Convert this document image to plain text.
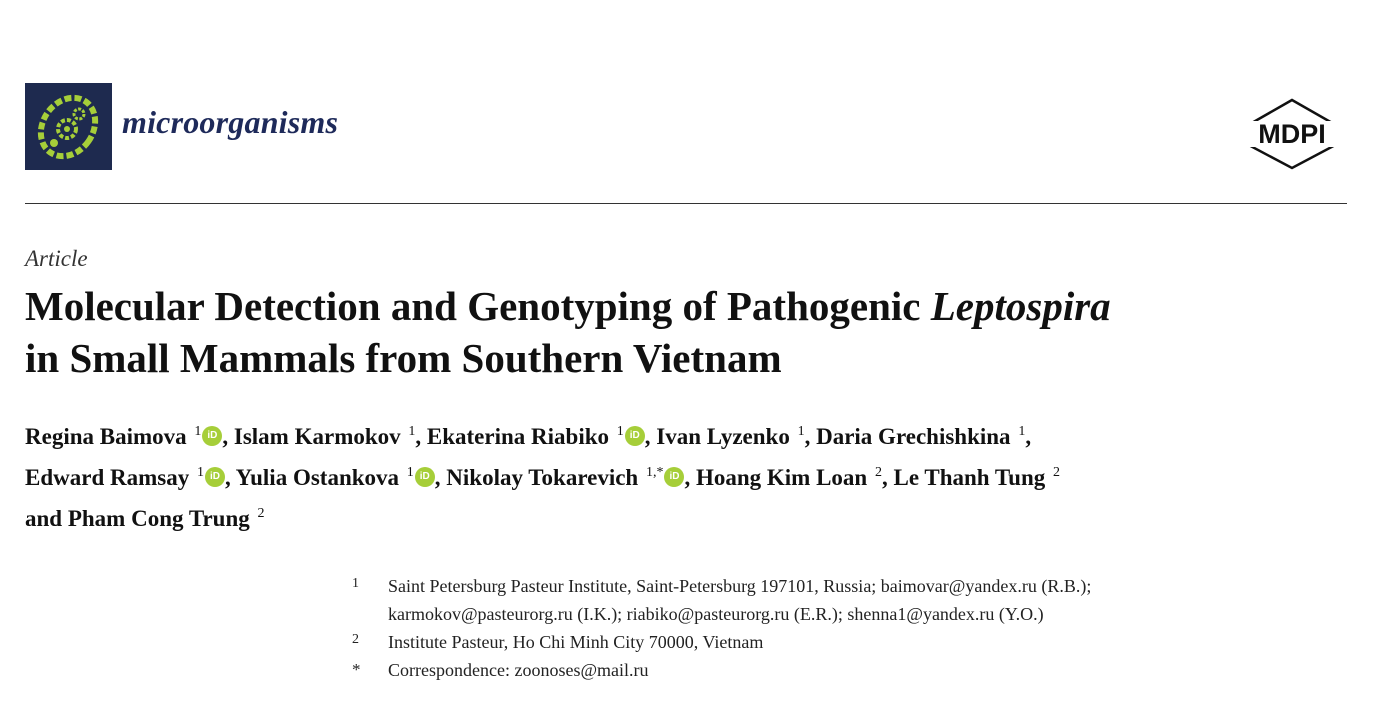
microorganisms	MDPI
Article
Molecular Detection and Genotyping of Pathogenic Leptospira
in Small Mammals from Southern Vietnam
Regina Baimova $^1$ iD , Islam Karmokov $^1$, Ekaterina Riabiko $^1$ iD , Ivan Lyzenko $^1$, Daria Grechishkina $^1$,
Edward Ramsay $^1$ iD , Yulia Ostankova $^1$ iD , Nikolay Tokarevich $^{1,*}$ iD , Hoang Kim Loan $^2$, Le Thanh Tung $^2$
and Pham Cong Trung $^2$
1 Saint Petersburg Pasteur Institute, Saint-Petersburg 197101, Russia; baimovar@yandex.ru (R.B.);
karmokov@pasteurorg.ru (I.K.); riabiko@pasteurorg.ru (E.R.); shenna1@yandex.ru (Y.O.)
2 Institute Pasteur, Ho Chi Minh City 70000, Vietnam
* Correspondence: zoonoses@mail.ru
